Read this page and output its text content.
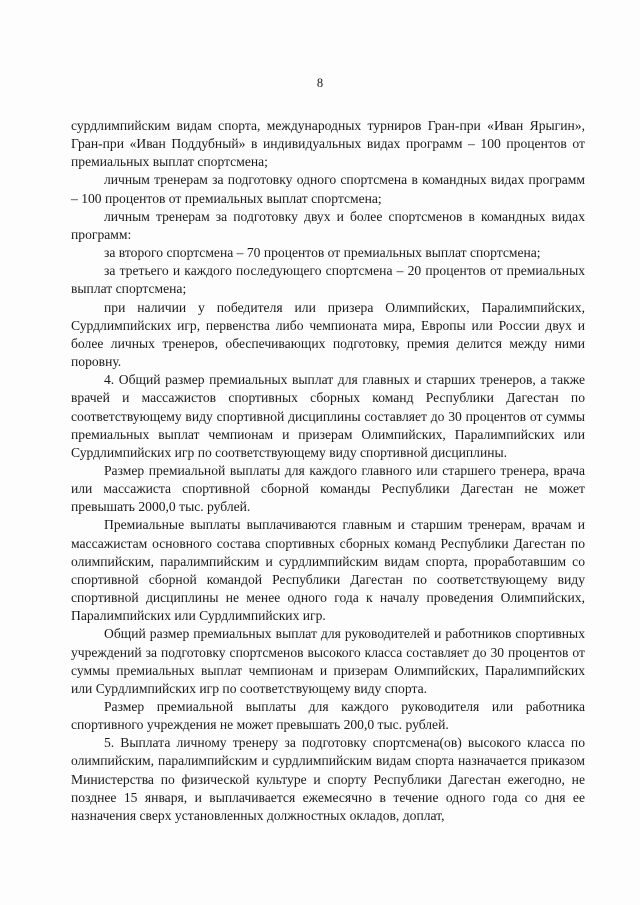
8

сурдлимпийским видам спорта, международных турниров Гран-при «Иван Ярыгин», Гран-при «Иван Поддубный» в индивидуальных видах программ – 100 процентов от премиальных выплат спортсмена;

личным тренерам за подготовку одного спортсмена в командных видах программ – 100 процентов от премиальных выплат спортсмена;

личным тренерам за подготовку двух и более спортсменов в командных видах программ:

за второго спортсмена – 70 процентов от премиальных выплат спортсмена;

за третьего и каждого последующего спортсмена – 20 процентов от премиальных выплат спортсмена;

при наличии у победителя или призера Олимпийских, Паралимпийских, Сурдлимпийских игр, первенства либо чемпионата мира, Европы или России двух и более личных тренеров, обеспечивающих подготовку, премия делится между ними поровну.

4. Общий размер премиальных выплат для главных и старших тренеров, а также врачей и массажистов спортивных сборных команд Республики Дагестан по соответствующему виду спортивной дисциплины составляет до 30 процентов от суммы премиальных выплат чемпионам и призерам Олимпийских, Паралимпийских или Сурдлимпийских игр по соответствующему виду спортивной дисциплины.

Размер премиальной выплаты для каждого главного или старшего тренера, врача или массажиста спортивной сборной команды Республики Дагестан не может превышать 2000,0 тыс. рублей.

Премиальные выплаты выплачиваются главным и старшим тренерам, врачам и массажистам основного состава спортивных сборных команд Республики Дагестан по олимпийским, паралимпийским и сурдлимпийским видам спорта, проработавшим со спортивной сборной командой Республики Дагестан по соответствующему виду спортивной дисциплины не менее одного года к началу проведения Олимпийских, Паралимпийских или Сурдлимпийских игр.

Общий размер премиальных выплат для руководителей и работников спортивных учреждений за подготовку спортсменов высокого класса составляет до 30 процентов от суммы премиальных выплат чемпионам и призерам Олимпийских, Паралимпийских или Сурдлимпийских игр по соответствующему виду спорта.

Размер премиальной выплаты для каждого руководителя или работника спортивного учреждения не может превышать 200,0 тыс. рублей.

5. Выплата личному тренеру за подготовку спортсмена(ов) высокого класса по олимпийским, паралимпийским и сурдлимпийским видам спорта назначается приказом Министерства по физической культуре и спорту Республики Дагестан ежегодно, не позднее 15 января, и выплачивается ежемесячно в течение одного года со дня ее назначения сверх установленных должностных окладов, доплат,
